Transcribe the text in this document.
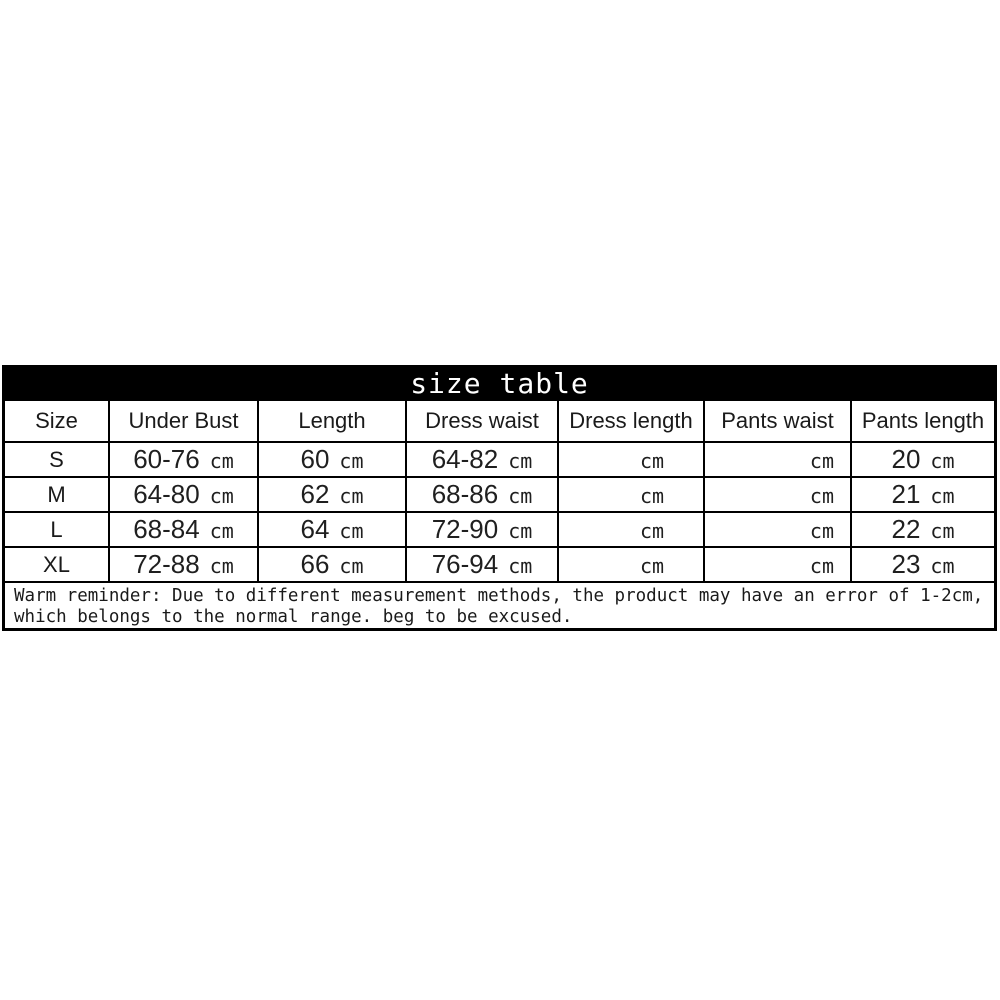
size table
Size	Under Bust	Length	Dress waist	Dress length	Pants waist	Pants length
S	60-76 cm	60 cm	64-82 cm	cm	cm	20 cm
M	64-80 cm	62 cm	68-86 cm	cm	cm	21 cm
L	68-84 cm	64 cm	72-90 cm	cm	cm	22 cm
XL	72-88 cm	66 cm	76-94 cm	cm	cm	23 cm
Warm reminder: Due to different measurement methods, the product may have an error of 1-2cm,
which belongs to the normal range. beg to be excused.
